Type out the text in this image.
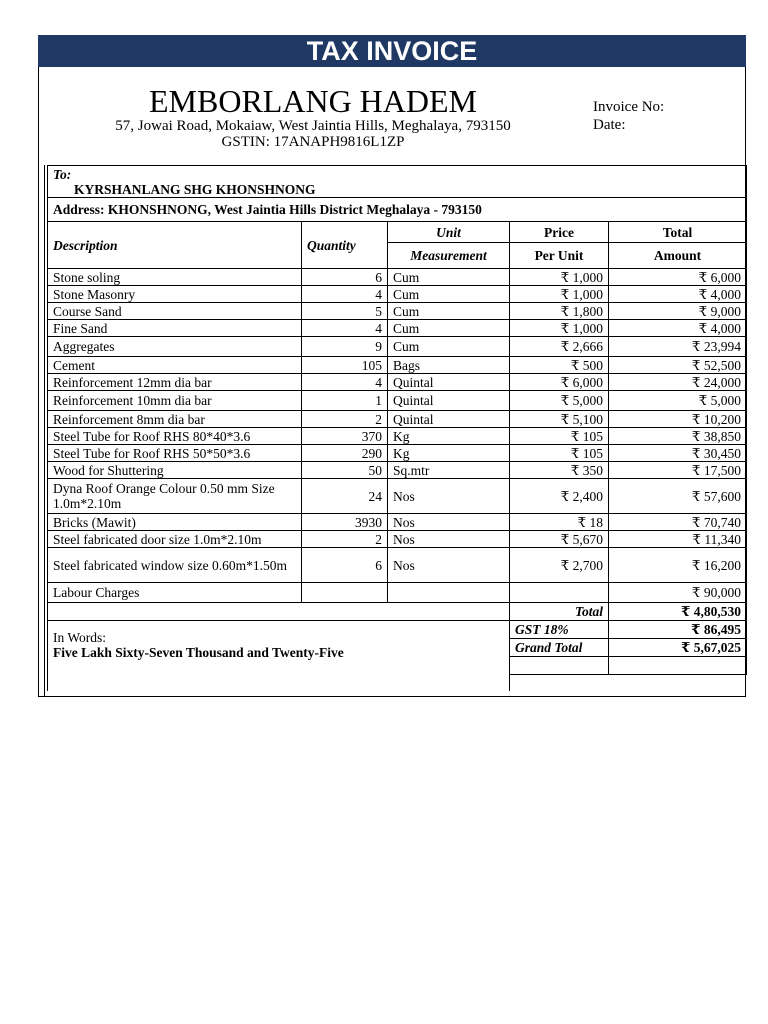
TAX INVOICE
EMBORLANG HADEM
57, Jowai Road, Mokaiaw, West Jaintia Hills, Meghalaya, 793150
GSTIN: 17ANAPH9816L1ZP
Invoice No:
Date:
To:
KYRSHANLANG SHG KHONSHNONG				

Address: KHONSHNONG, West Jaintia Hills District Meghalaya - 793150				
Description	Quantity	Unit	Price	Total
		Measurement	Per Unit	Amount
Stone soling	6	Cum	₹ 1,000	₹ 6,000
Stone Masonry	4	Cum	₹ 1,000	₹ 4,000
Course Sand	5	Cum	₹ 1,800	₹ 9,000
Fine Sand	4	Cum	₹ 1,000	₹ 4,000
Aggregates	9	Cum	₹ 2,666	₹ 23,994
Cement	105	Bags	₹ 500	₹ 52,500
Reinforcement 12mm dia bar	4	Quintal	₹ 6,000	₹ 24,000
Reinforcement 10mm dia bar	1	Quintal	₹ 5,000	₹ 5,000
Reinforcement 8mm dia bar	2	Quintal	₹ 5,100	₹ 10,200
Steel Tube for Roof RHS 80*40*3.6	370	Kg	₹ 105	₹ 38,850
Steel Tube for Roof RHS 50*50*3.6	290	Kg	₹ 105	₹ 30,450
Wood for Shuttering	50	Sq.mtr	₹ 350	₹ 17,500
Dyna Roof Orange Colour 0.50 mm Size 1.0m*2.10m	24	Nos	₹ 2,400	₹ 57,600
Bricks (Mawit)	3930	Nos	₹ 18	₹ 70,740
Steel fabricated door size 1.0m*2.10m	2	Nos	₹ 5,670	₹ 11,340
Steel fabricated window size 0.60m*1.50m	6	Nos	₹ 2,700	₹ 16,200
Labour Charges				₹ 90,000
			Total	₹ 4,80,530

In Words:
Five Lakh Sixty-Seven Thousand and Twenty-Five			GST 18%	₹ 86,495
			Grand Total	₹ 5,67,025
